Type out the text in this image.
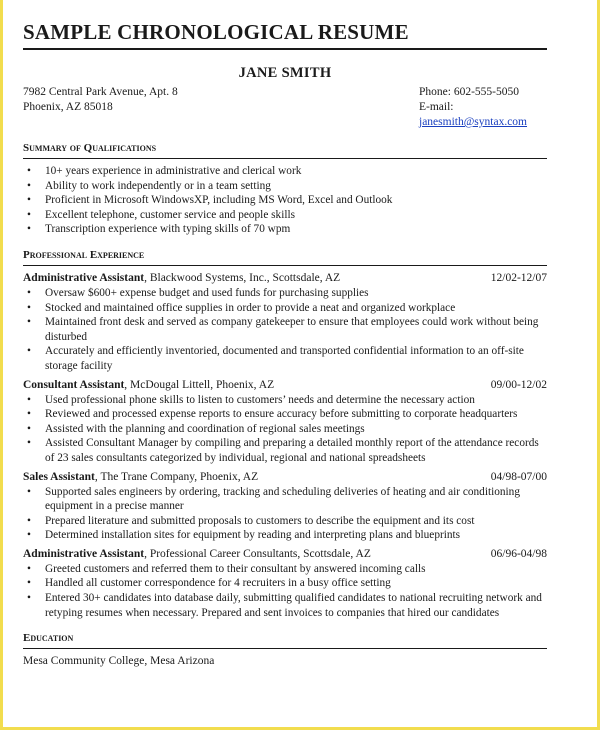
SAMPLE CHRONOLOGICAL RESUME
JANE SMITH
7982 Central Park Avenue, Apt. 8
Phoenix, AZ 85018
Phone: 602-555-5050
E-mail: janesmith@syntax.com
Summary of Qualifications
• 10+ years experience in administrative and clerical work
• Ability to work independently or in a team setting
• Proficient in Microsoft WindowsXP, including MS Word, Excel and Outlook
• Excellent telephone, customer service and people skills
• Transcription experience with typing skills of 70 wpm
Professional Experience
Administrative Assistant, Blackwood Systems, Inc., Scottsdale, AZ	12/02-12/07
• Oversaw $600+ expense budget and used funds for purchasing supplies
• Stocked and maintained office supplies in order to provide a neat and organized workplace
• Maintained front desk and served as company gatekeeper to ensure that employees could work without being disturbed
• Accurately and efficiently inventoried, documented and transported confidential information to an off-site storage facility
Consultant Assistant, McDougal Littell, Phoenix, AZ	09/00-12/02
• Used professional phone skills to listen to customers’ needs and determine the necessary action
• Reviewed and processed expense reports to ensure accuracy before submitting to corporate headquarters
• Assisted with the planning and coordination of regional sales meetings
• Assisted Consultant Manager by compiling and preparing a detailed monthly report of the attendance records of 23 sales consultants categorized by individual, regional and national spreadsheets
Sales Assistant, The Trane Company, Phoenix, AZ	04/98-07/00
• Supported sales engineers by ordering, tracking and scheduling deliveries of heating and air conditioning equipment in a precise manner
• Prepared literature and submitted proposals to customers to describe the equipment and its cost
• Determined installation sites for equipment by reading and interpreting plans and blueprints
Administrative Assistant, Professional Career Consultants, Scottsdale, AZ	06/96-04/98
• Greeted customers and referred them to their consultant by answered incoming calls
• Handled all customer correspondence for 4 recruiters in a busy office setting
• Entered 30+ candidates into database daily, submitting qualified candidates to national recruiting network and retyping resumes when necessary. Prepared and sent invoices to companies that hired our candidates
Education
Mesa Community College, Mesa Arizona
